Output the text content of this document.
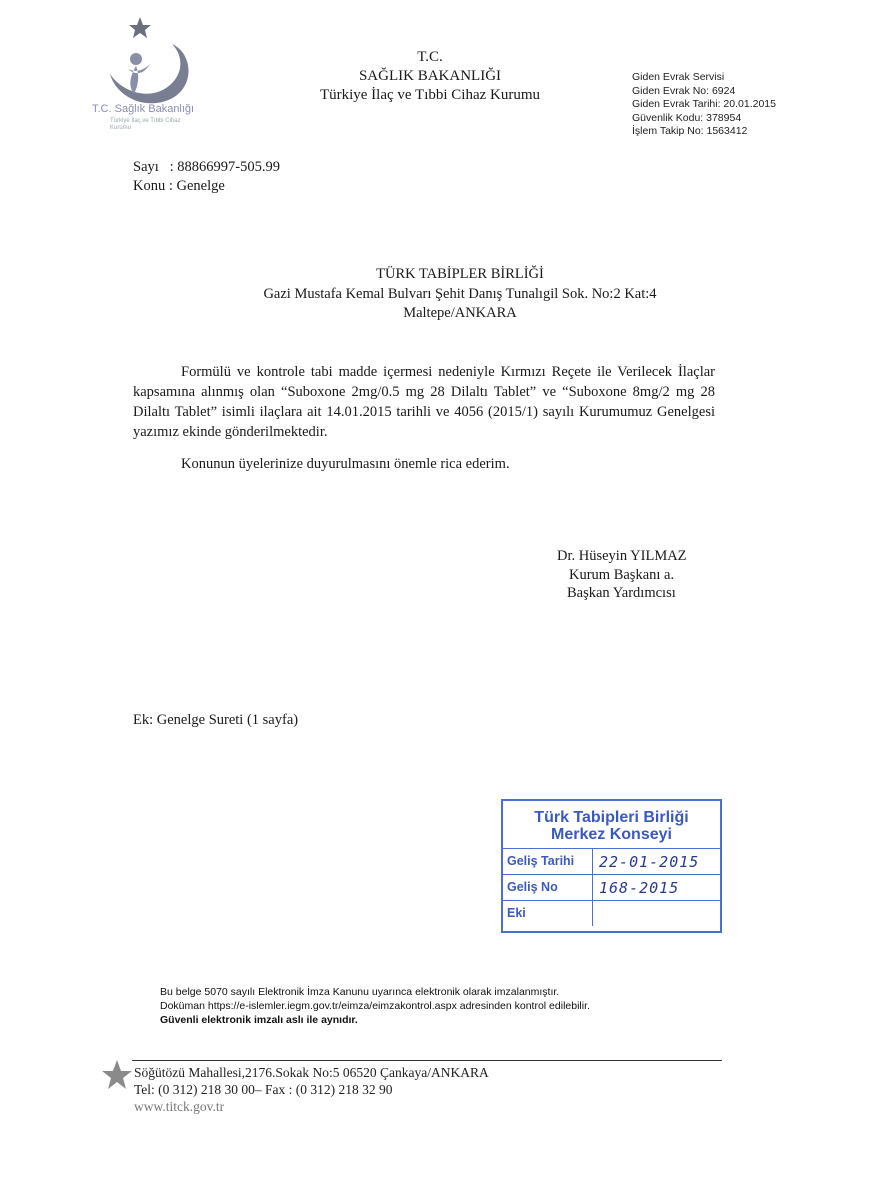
T.C. Sağlık Bakanlığı
Türkiye İlaç ve Tıbbi Cihaz Kurumu
T.C.
SAĞLIK BAKANLIĞI
Türkiye İlaç ve Tıbbi Cihaz Kurumu
Giden Evrak Servisi
Giden Evrak No: 6924
Giden Evrak Tarihi: 20.01.2015
Güvenlik Kodu: 378954
İşlem Takip No: 1563412
Sayı   : 88866997-505.99
Konu : Genelge
TÜRK TABİPLER BİRLİĞİ
Gazi Mustafa Kemal Bulvarı Şehit Danış Tunalıgil Sok. No:2 Kat:4
Maltepe/ANKARA
Formülü ve kontrole tabi madde içermesi nedeniyle Kırmızı Reçete ile Verilecek İlaçlar kapsamına alınmış olan “Suboxone 2mg/0.5 mg 28 Dilaltı Tablet” ve “Suboxone 8mg/2 mg 28 Dilaltı Tablet” isimli ilaçlara ait 14.01.2015 tarihli ve 4056 (2015/1) sayılı Kurumumuz Genelgesi yazımız ekinde gönderilmektedir.
Konunun üyelerinize duyurulmasını önemle rica ederim.
Dr. Hüseyin YILMAZ
Kurum Başkanı a.
Başkan Yardımcısı
Ek: Genelge Sureti (1 sayfa)
Türk Tabipleri Birliği
Merkez Konseyi
Geliş Tarihi	22-01-2015
Geliş No	168-2015
Eki
Bu belge 5070 sayılı Elektronik İmza Kanunu uyarınca elektronik olarak imzalanmıştır.
Doküman https://e-islemler.iegm.gov.tr/eimza/eimzakontrol.aspx adresinden kontrol edilebilir.
Güvenli elektronik imzalı aslı ile aynıdır.
Söğütözü Mahallesi,2176.Sokak No:5 06520 Çankaya/ANKARA
Tel: (0 312) 218 30 00– Fax : (0 312) 218 32 90
www.titck.gov.tr
